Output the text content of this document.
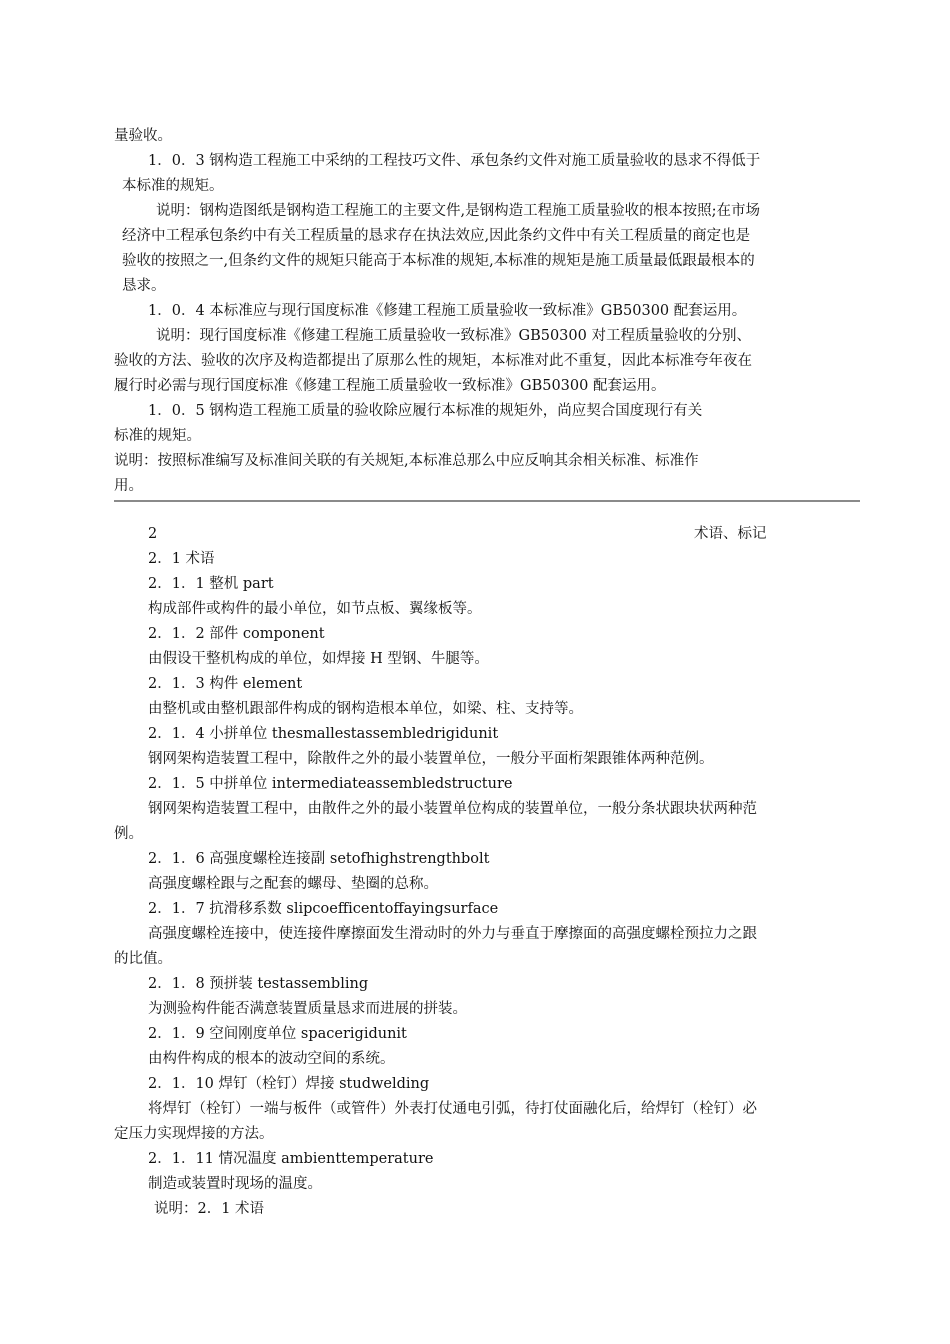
量验收。
1．0．3 钢构造工程施工中采纳的工程技巧文件、承包条约文件对施工质量验收的恳求不得低于
本标准的规矩。
说明：钢构造图纸是钢构造工程施工的主要文件,是钢构造工程施工质量验收的根本按照;在市场
经济中工程承包条约中有关工程质量的恳求存在执法效应,因此条约文件中有关工程质量的商定也是
验收的按照之一,但条约文件的规矩只能高于本标准的规矩,本标准的规矩是施工质量最低跟最根本的
恳求。
1．0．4 本标准应与现行国度标准《修建工程施工质量验收一致标准》GB50300 配套运用。
说明：现行国度标准《修建工程施工质量验收一致标准》GB50300 对工程质量验收的分别、
验收的方法、验收的次序及构造都提出了原那么性的规矩，本标准对此不重复，因此本标准夸年夜在
履行时必需与现行国度标准《修建工程施工质量验收一致标准》GB50300 配套运用。
1．0．5 钢构造工程施工质量的验收除应履行本标准的规矩外，尚应契合国度现行有关
标准的规矩。
说明：按照标准编写及标准间关联的有关规矩,本标准总那么中应反响其余相关标准、标准作
用。
2	术语、标记
2．1 术语
2．1．1 整机 part
构成部件或构件的最小单位，如节点板、翼缘板等。
2．1．2 部件 component
由假设干整机构成的单位，如焊接 H 型钢、牛腿等。
2．1．3 构件 element
由整机或由整机跟部件构成的钢构造根本单位，如梁、柱、支持等。
2．1．4 小拼单位 thesmallestassembledrigidunit
钢网架构造装置工程中，除散件之外的最小装置单位，一般分平面桁架跟锥体两种范例。
2．1．5 中拼单位 intermediateassembledstructure
钢网架构造装置工程中，由散件之外的最小装置单位构成的装置单位，一般分条状跟块状两种范
例。
2．1．6 高强度螺栓连接副 setofhighstrengthbolt
高强度螺栓跟与之配套的螺母、垫圈的总称。
2．1．7 抗滑移系数 slipcoefficentoffayingsurface
高强度螺栓连接中，使连接件摩擦面发生滑动时的外力与垂直于摩擦面的高强度螺栓预拉力之跟
的比值。
2．1．8 预拼装 testassembling
为测验构件能否满意装置质量恳求而进展的拼装。
2．1．9 空间刚度单位 spacerigidunit
由构件构成的根本的波动空间的系统。
2．1．10 焊钉（栓钉）焊接 studwelding
将焊钉（栓钉）一端与板件（或管件）外表打仗通电引弧，待打仗面融化后，给焊钉（栓钉）必
定压力实现焊接的方法。
2．1．11 情况温度 ambienttemperature
制造或装置时现场的温度。
说明：2．1 术语
